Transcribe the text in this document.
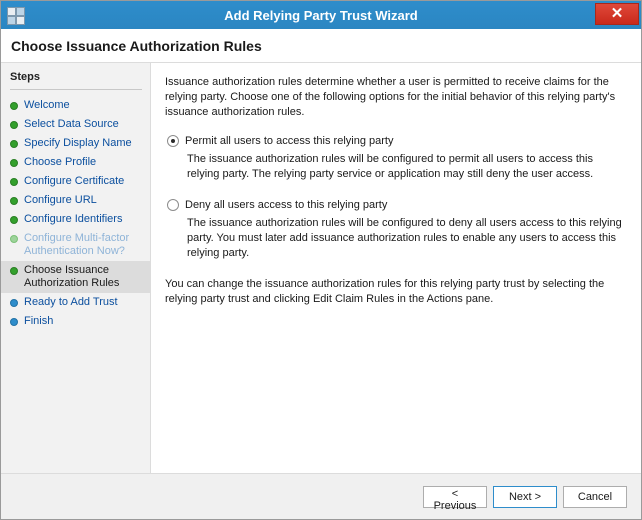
Add Relying Party Trust Wizard	✕
Choose Issuance Authorization Rules
Steps
Welcome
Select Data Source
Specify Display Name
Choose Profile
Configure Certificate
Configure URL
Configure Identifiers
Configure Multi-factor Authentication Now?
Choose Issuance Authorization Rules
Ready to Add Trust
Finish

Issuance authorization rules determine whether a user is permitted to receive claims for the relying party. Choose one of the following options for the initial behavior of this relying party's issuance authorization rules.

Permit all users to access this relying party
The issuance authorization rules will be configured to permit all users to access this relying party. The relying party service or application may still deny the user access.
Deny all users access to this relying party
The issuance authorization rules will be configured to deny all users access to this relying party. You must later add issuance authorization rules to enable any users to access this relying party.

You can change the issuance authorization rules for this relying party trust by selecting the relying party trust and clicking Edit Claim Rules in the Actions pane.

< Previous
Next >	Cancel
